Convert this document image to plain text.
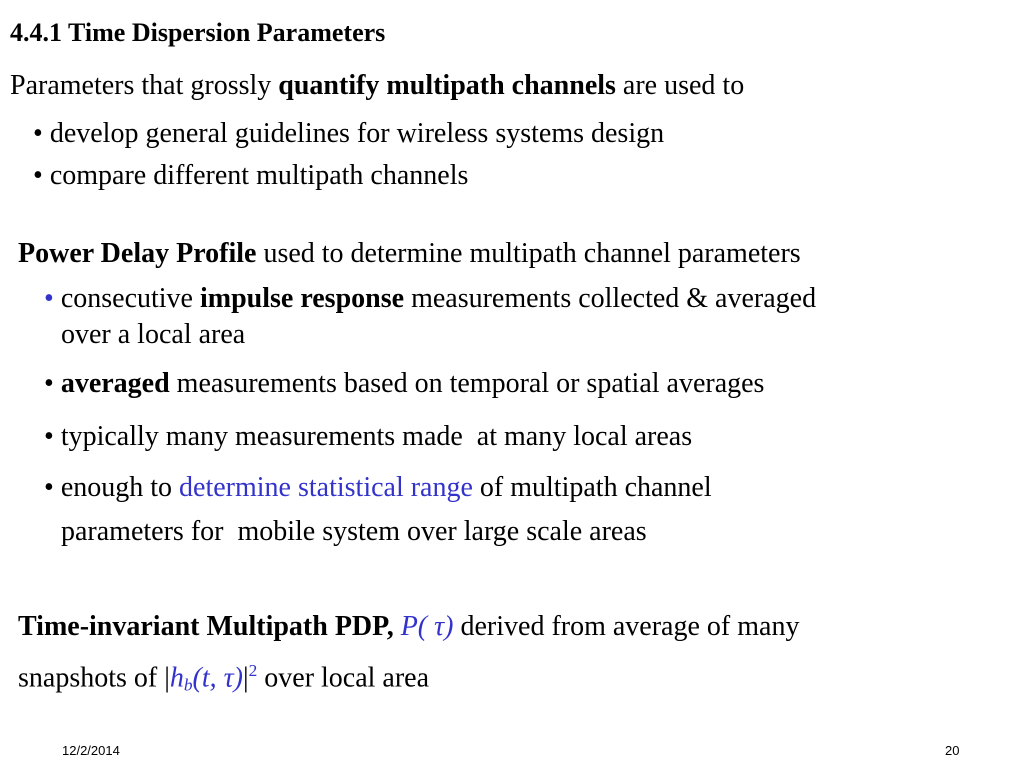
4.4.1 Time Dispersion Parameters
Parameters that grossly quantify multipath channels are used to
• develop general guidelines for wireless systems design
• compare different multipath channels
Power Delay Profile used to determine multipath channel parameters
• consecutive impulse response measurements collected & averaged
over a local area
• averaged measurements based on temporal or spatial averages
• typically many measurements made  at many local areas
• enough to determine statistical range of multipath channel
parameters for  mobile system over large scale areas
Time-invariant Multipath PDP, P( τ) derived from average of many
snapshots of $|h_b(t$, $\tau)|^2$ over local area
12/2/2014	20
